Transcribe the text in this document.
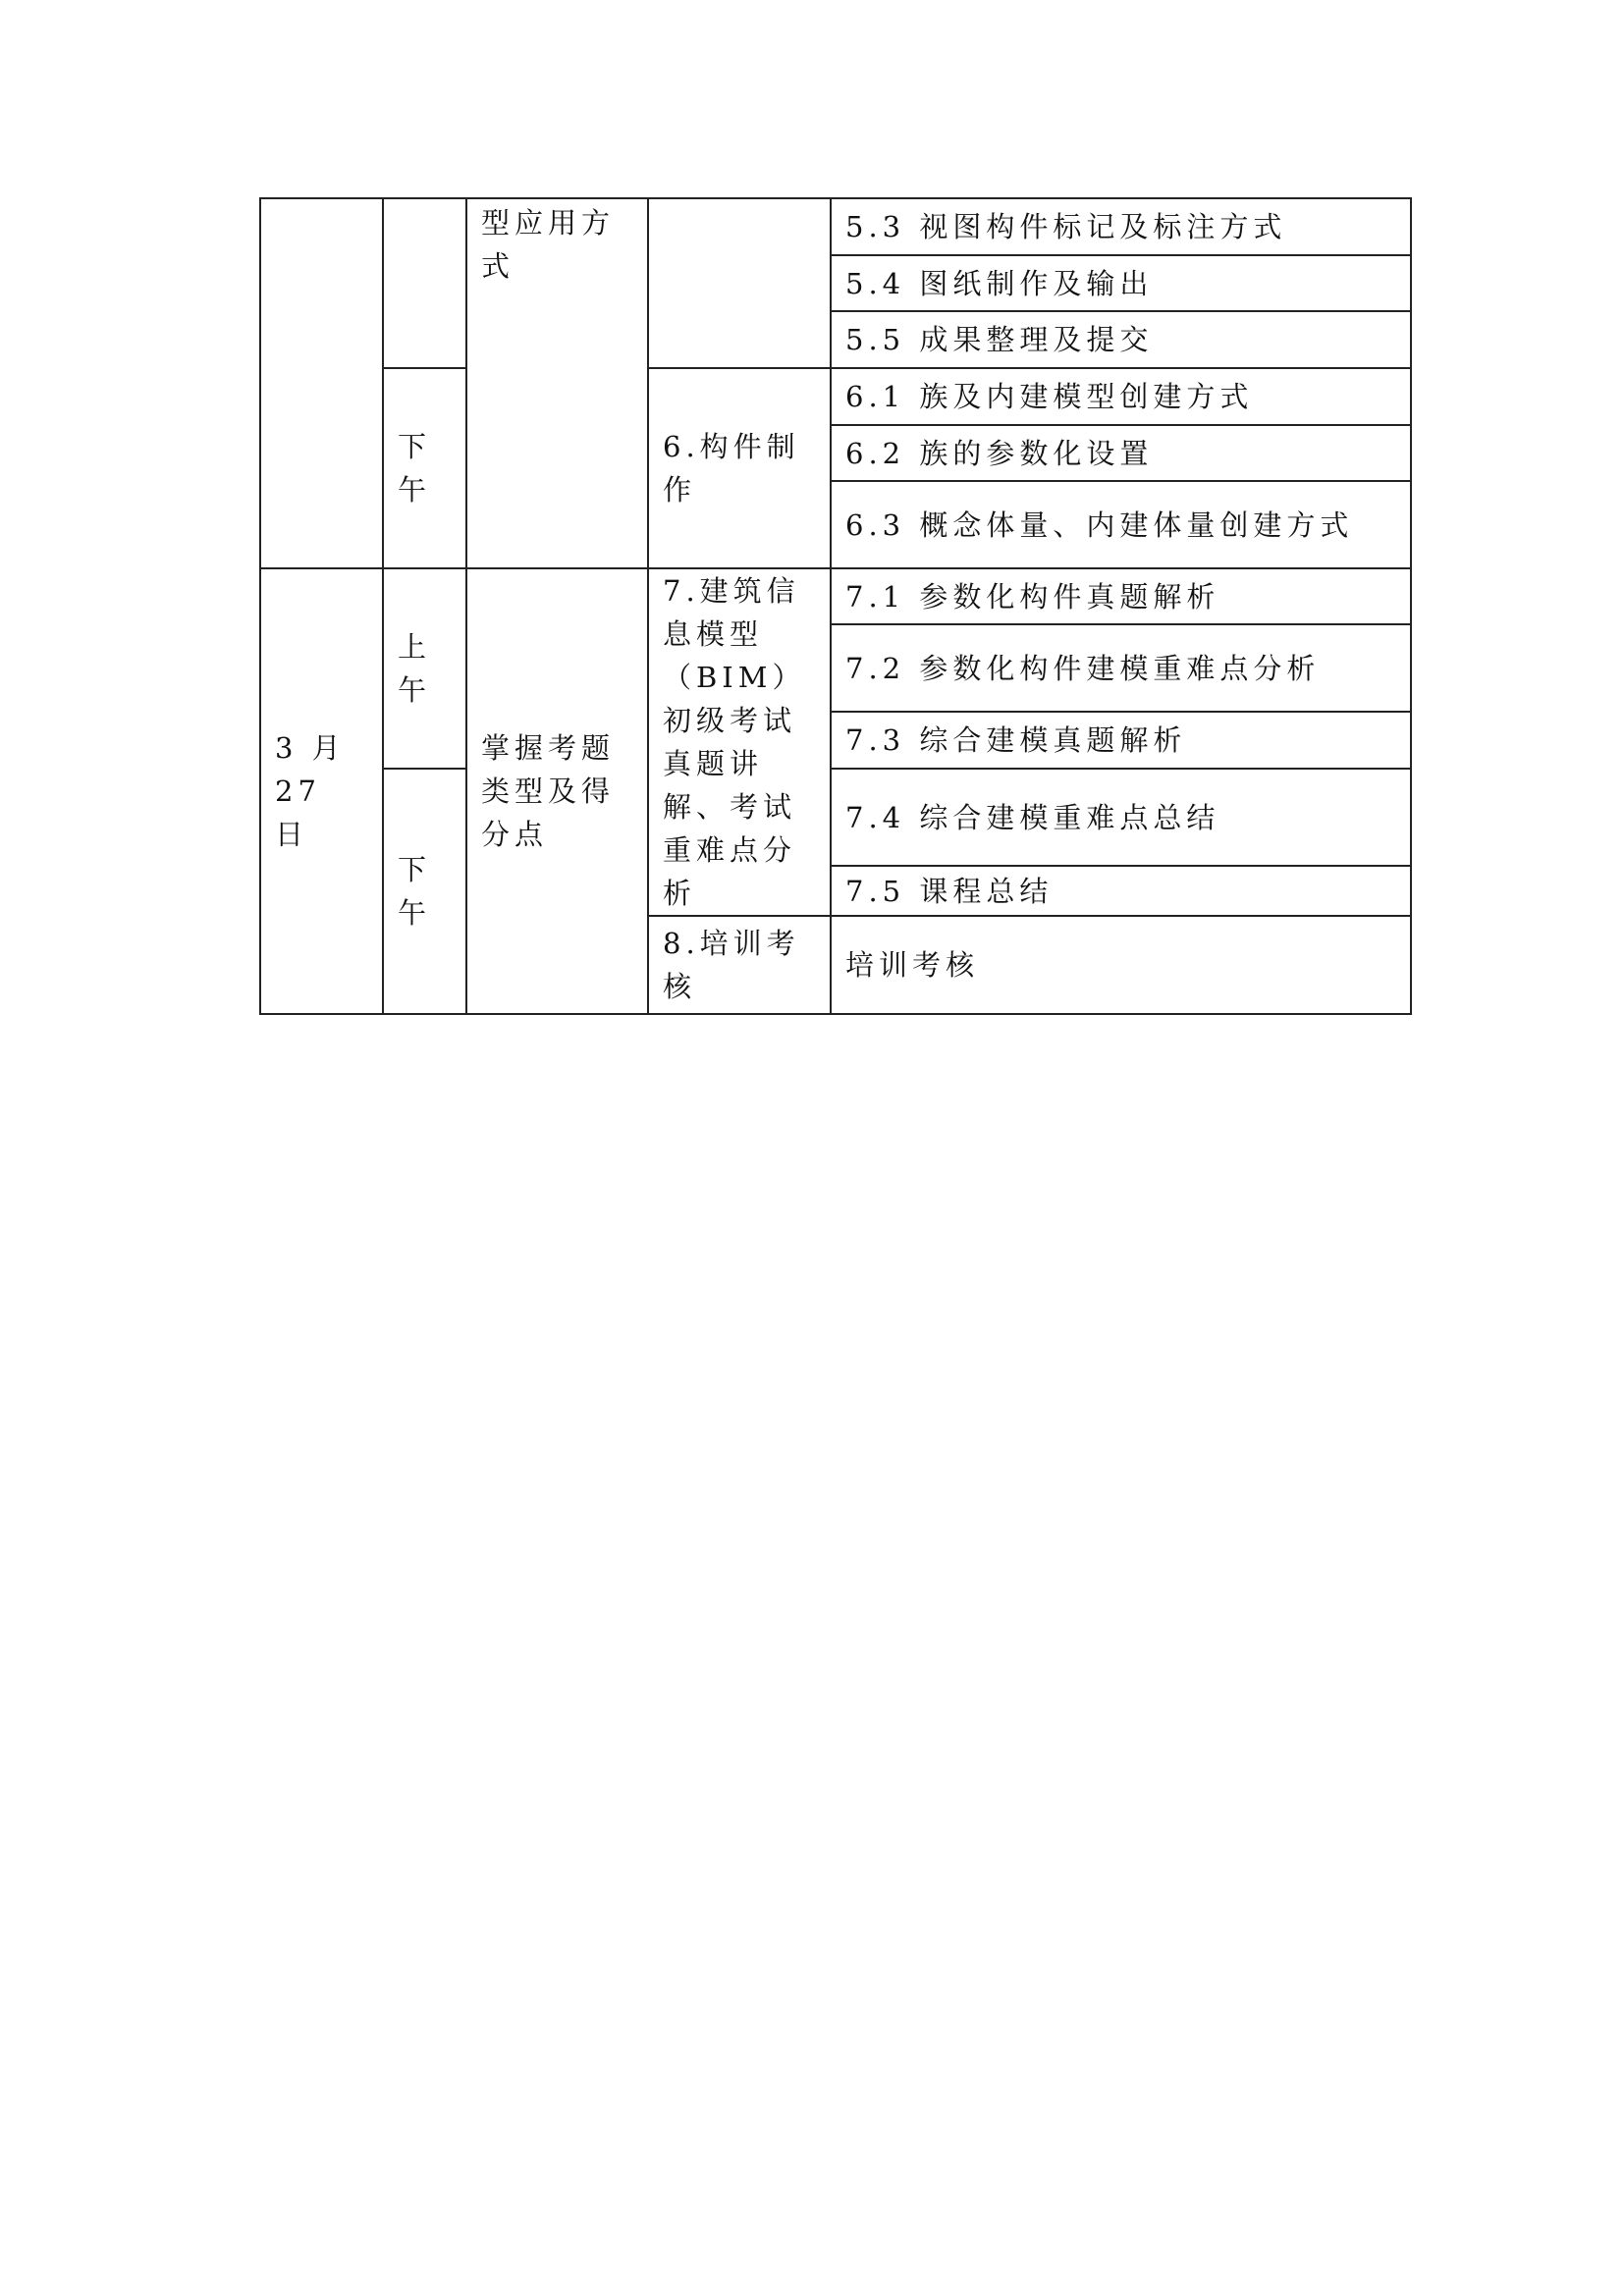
		型应用方式		5.3 视图构件标记及标注方式
				5.4 图纸制作及输出
				5.5 成果整理及提交
	下午		6.构件制作	6.1 族及内建模型创建方式
				6.2 族的参数化设置
				6.3 概念体量、内建体量创建方式
3 月 27 日	上午	掌握考题类型及得分点	7.建筑信息模型（BIM）初级考试真题讲解、考试重难点分析	7.1 参数化构件真题解析
				7.2 参数化构件建模重难点分析
				7.3 综合建模真题解析
	下午			7.4 综合建模重难点总结
				7.5 课程总结
			8.培训考核	培训考核
